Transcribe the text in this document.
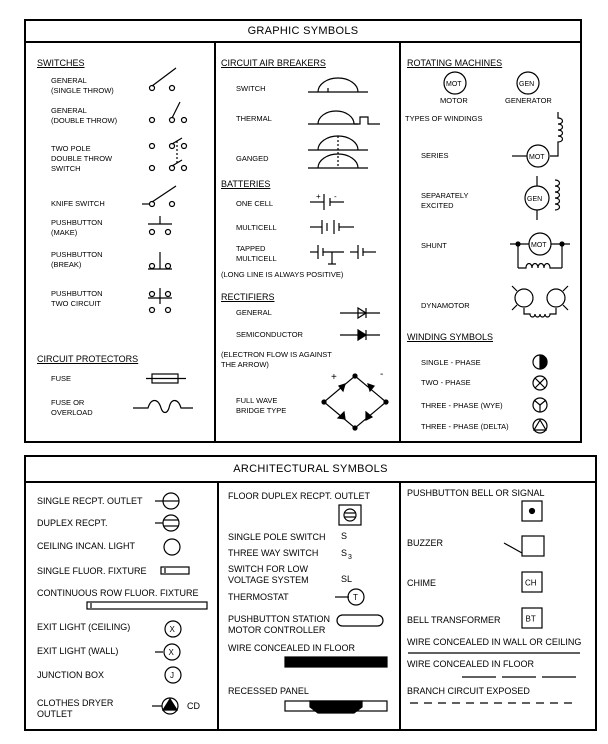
GRAPHIC SYMBOLS
SWITCHES
GENERAL
(SINGLE THROW)
GENERAL
(DOUBLE THROW)
TWO POLE
DOUBLE THROW
SWITCH
KNIFE SWITCH
PUSHBUTTON
(MAKE)
PUSHBUTTON
(BREAK)
PUSHBUTTON
TWO CIRCUIT
CIRCUIT PROTECTORS
FUSE
FUSE OR
OVERLOAD
CIRCUIT AIR BREAKERS
SWITCH
THERMAL
GANGED
BATTERIES
ONE CELL
+ -
MULTICELL
TAPPED
MULTICELL
(LONG LINE IS ALWAYS POSITIVE)
RECTIFIERS
GENERAL
SEMICONDUCTOR
(ELECTRON FLOW IS AGAINST
THE ARROW)
FULL WAVE
BRIDGE TYPE
+	-
ROTATING MACHINES
MOT	GEN
MOTOR	GENERATOR
TYPES OF WINDINGS
SERIES	MOT
SEPARATELY
EXCITED
GEN
SHUNT	MOT
DYNAMOTOR
WINDING SYMBOLS
SINGLE - PHASE
TWO - PHASE
THREE - PHASE (WYE)
THREE - PHASE (DELTA)
ARCHITECTURAL SYMBOLS
SINGLE RECPT. OUTLET
DUPLEX RECPT.
CEILING INCAN. LIGHT
SINGLE FLUOR. FIXTURE
CONTINUOUS ROW FLUOR. FIXTURE
EXIT LIGHT (CEILING)	X
EXIT LIGHT (WALL)	X
JUNCTION BOX	J
CLOTHES DRYER
OUTLET
CD
FLOOR DUPLEX RECPT. OUTLET
SINGLE POLE SWITCH S
THREE WAY SWITCH	S 3
SWITCH FOR LOW
VOLTAGE SYSTEM	SL
THERMOSTAT	T
PUSHBUTTON STATION
MOTOR CONTROLLER
WIRE CONCEALED IN FLOOR
RECESSED PANEL
PUSHBUTTON BELL OR SIGNAL
BUZZER
CHIME	CH
BELL TRANSFORMER	BT
WIRE CONCEALED IN WALL OR CEILING
WIRE CONCEALED IN FLOOR
BRANCH CIRCUIT EXPOSED
